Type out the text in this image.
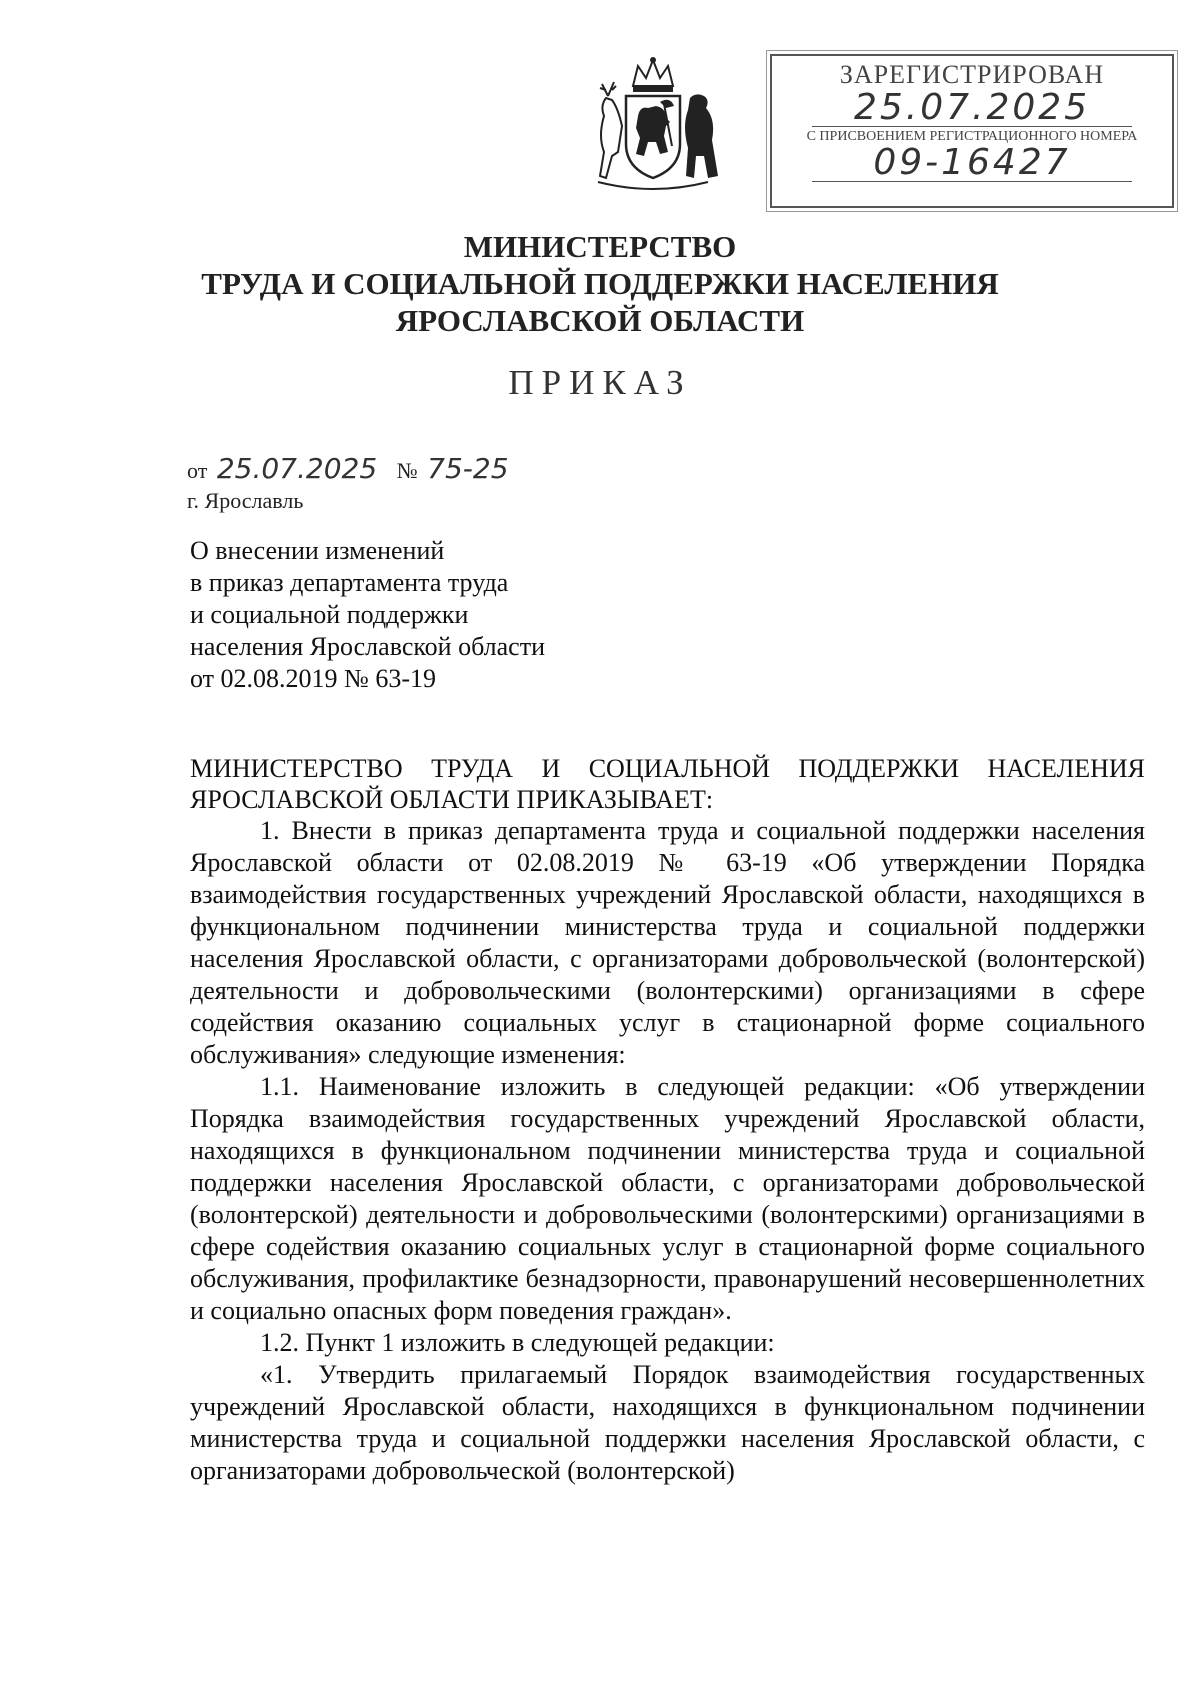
ЗАРЕГИСТРИРОВАН
25.07.2025
С ПРИСВОЕНИЕМ РЕГИСТРАЦИОННОГО НОМЕРА
09-16427
МИНИСТЕРСТВО
ТРУДА И СОЦИАЛЬНОЙ ПОДДЕРЖКИ НАСЕЛЕНИЯ
ЯРОСЛАВСКОЙ ОБЛАСТИ
ПРИКАЗ
от 25.07.2025 № 75-25
г. Ярославль
О внесении изменений
в приказ департамента труда
и социальной поддержки
населения Ярославской области
от 02.08.2019 № 63-19
МИНИСТЕРСТВО ТРУДА И СОЦИАЛЬНОЙ ПОДДЕРЖКИ НАСЕЛЕНИЯ ЯРОСЛАВСКОЙ ОБЛАСТИ ПРИКАЗЫВАЕТ:

1. Внести в приказ департамента труда и социальной поддержки населения Ярославской области от 02.08.2019 № 63-19 «Об утверждении Порядка взаимодействия государственных учреждений Ярославской области, находящихся в функциональном подчинении министерства труда и социальной поддержки населения Ярославской области, с организаторами добровольческой (волонтерской) деятельности и добровольческими (волонтерскими) организациями в сфере содействия оказанию социальных услуг в стационарной форме социального обслуживания» следующие изменения:

1.1. Наименование изложить в следующей редакции: «Об утверждении Порядка взаимодействия государственных учреждений Ярославской области, находящихся в функциональном подчинении министерства труда и социальной поддержки населения Ярославской области, с организаторами добровольческой (волонтерской) деятельности и добровольческими (волонтерскими) организациями в сфере содействия оказанию социальных услуг в стационарной форме социального обслуживания, профилактике безнадзорности, правонарушений несовершеннолетних и социально опасных форм поведения граждан».

1.2. Пункт 1 изложить в следующей редакции:

«1. Утвердить прилагаемый Порядок взаимодействия государственных учреждений Ярославской области, находящихся в функциональном подчинении министерства труда и социальной поддержки населения Ярославской области, с организаторами добровольческой (волонтерской)
